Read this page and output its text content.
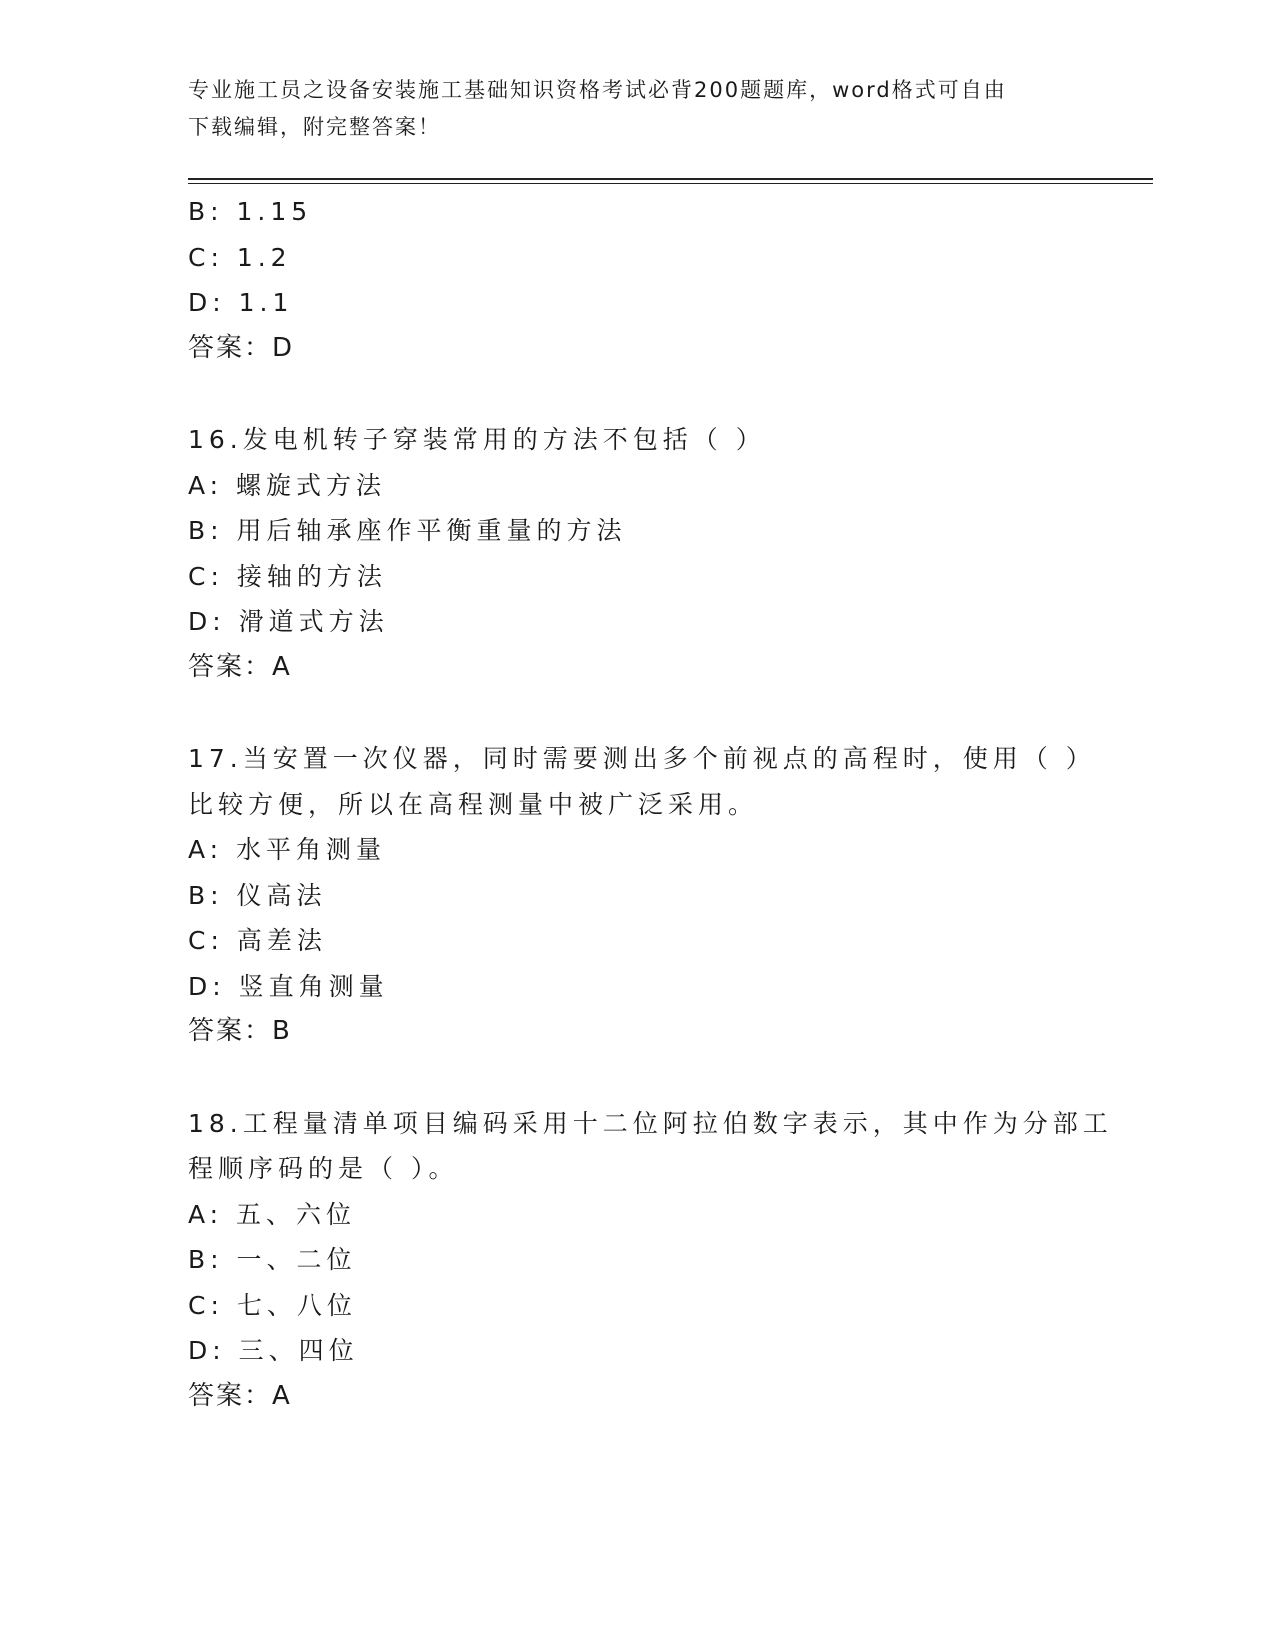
专业施工员之设备安装施工基础知识资格考试必背200题题库，word格式可自由
下载编辑，附完整答案！
B: 1.15
C: 1.2
D: 1.1
答案：D
16.发电机转子穿装常用的方法不包括（ ）
A: 螺旋式方法
B: 用后轴承座作平衡重量的方法
C: 接轴的方法
D: 滑道式方法
答案：A
17.当安置一次仪器，同时需要测出多个前视点的高程时，使用（ ）
比较方便，所以在高程测量中被广泛采用。
A: 水平角测量
B: 仪高法
C: 高差法
D: 竖直角测量
答案：B
18.工程量清单项目编码采用十二位阿拉伯数字表示，其中作为分部工
程顺序码的是（ ）。
A: 五、六位
B: 一、二位
C: 七、八位
D: 三、四位
答案：A
